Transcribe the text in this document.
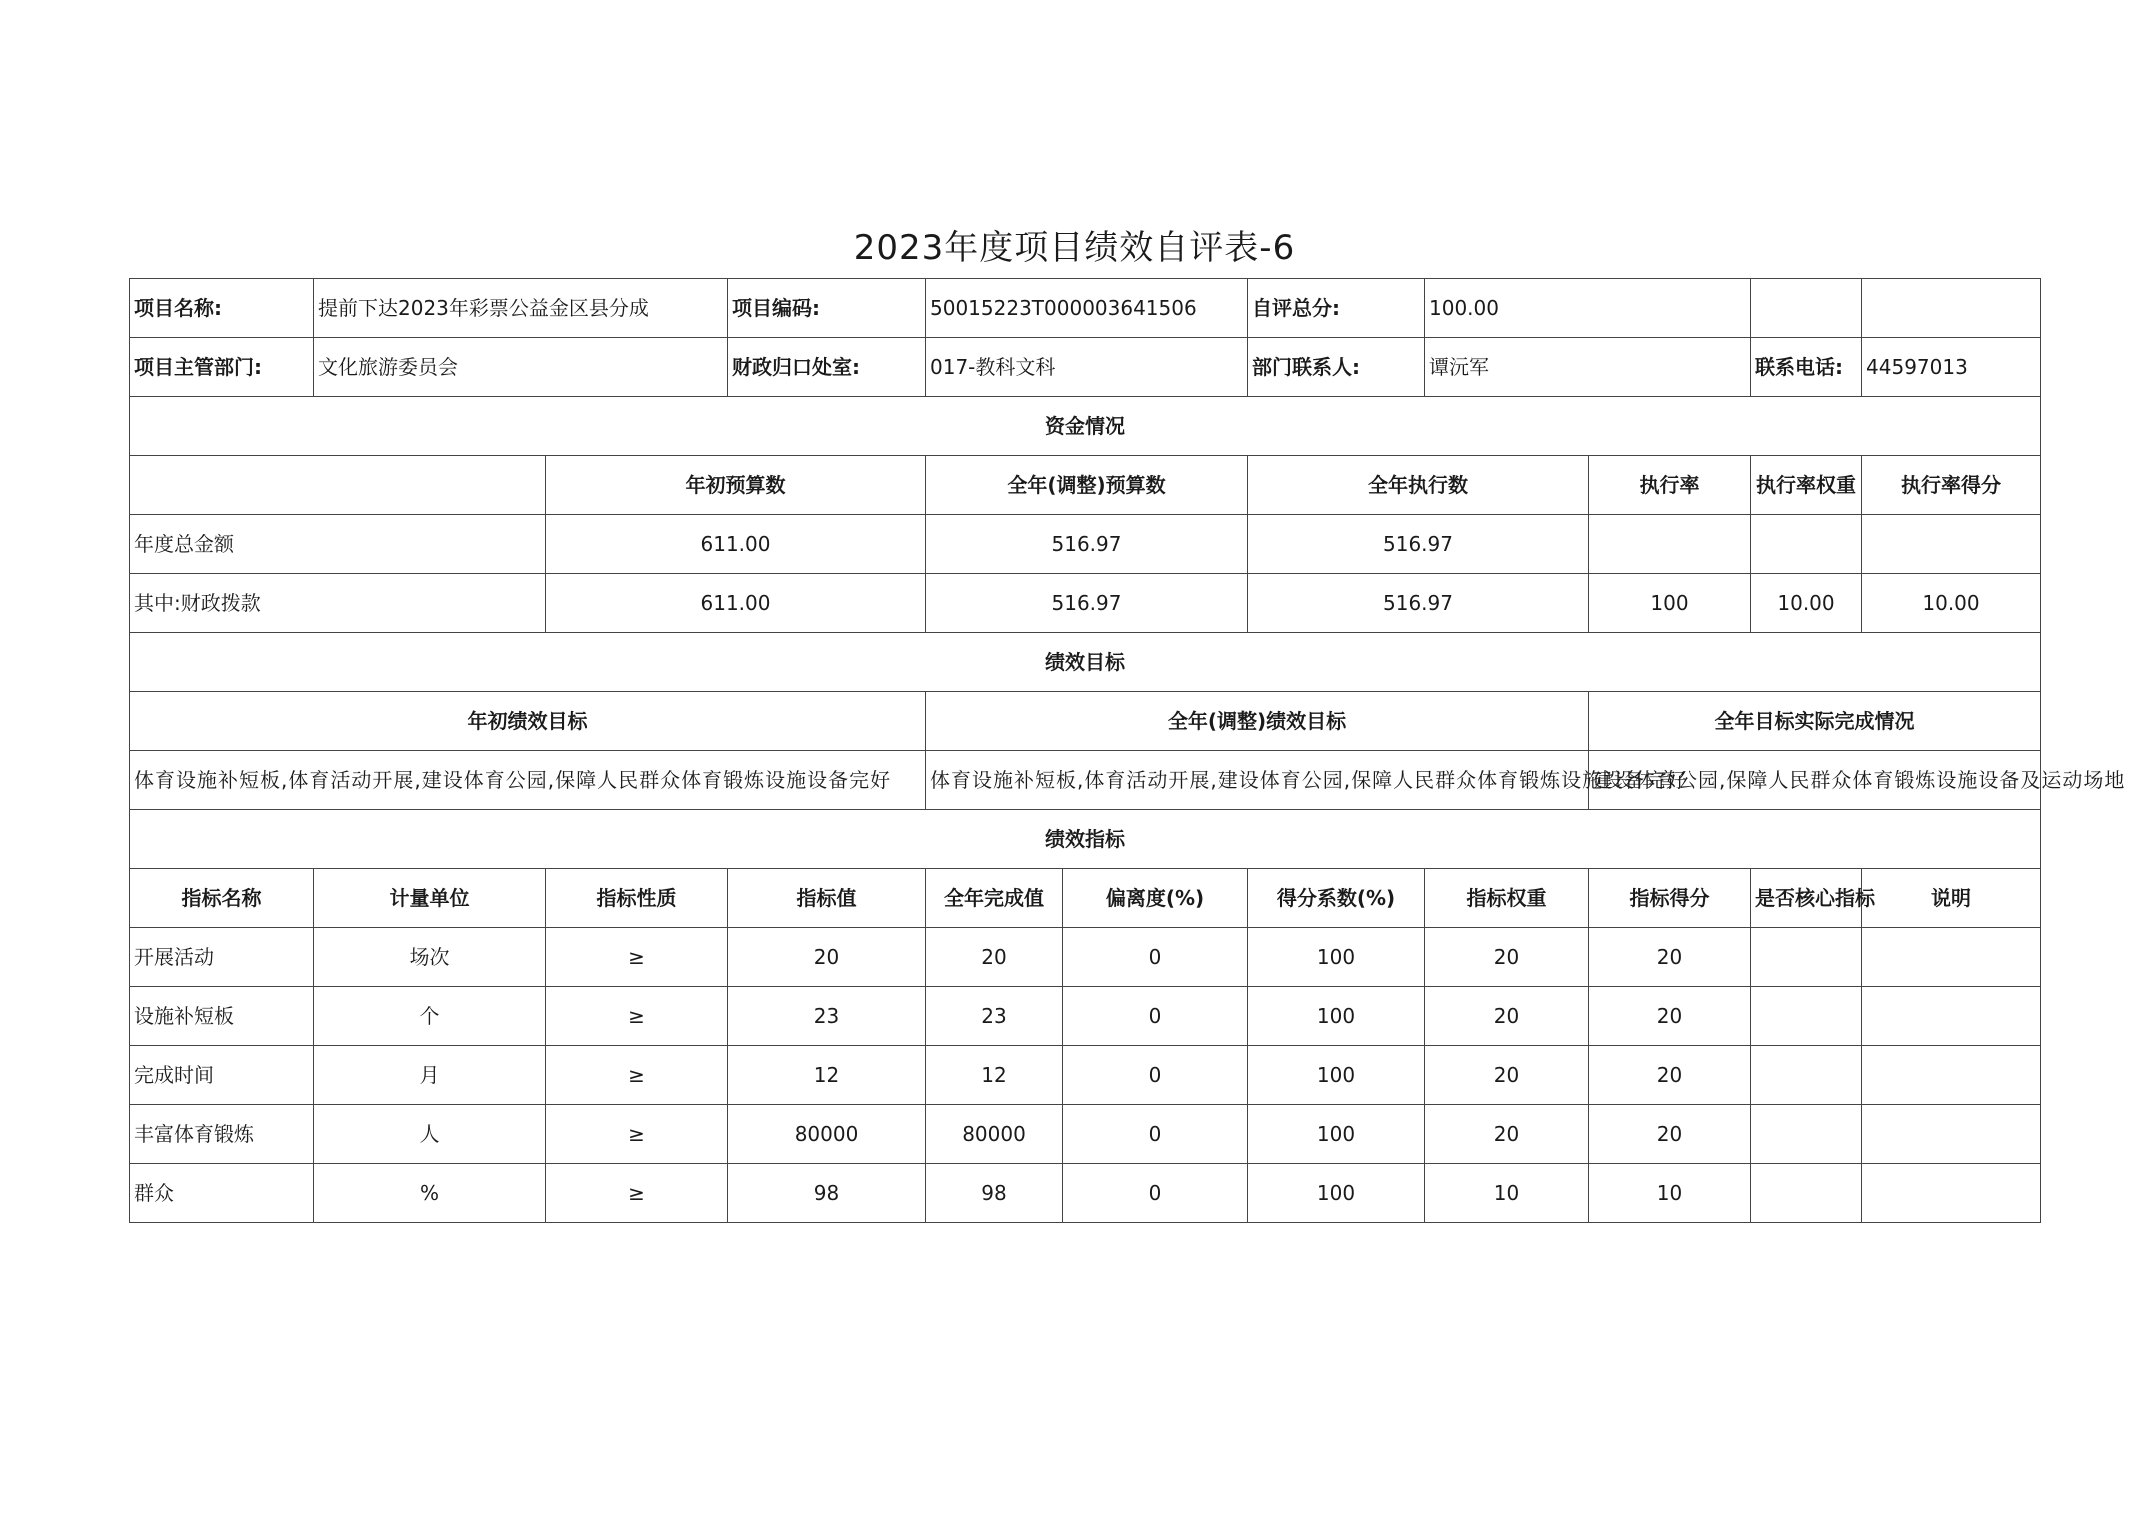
2023年度项目绩效自评表-6
项目名称:	提前下达2023年彩票公益金区县分成		项目编码:	50015223T000003641506		自评总分:	100.00			
项目主管部门:	文化旅游委员会		财政归口处室:	017-教科文科		部门联系人:	谭沅军		联系电话:	44597013
资金情况										
		年初预算数		全年(调整)预算数		全年执行数		执行率	执行率权重	执行率得分
年度总金额		611.00		516.97		516.97				
其中:财政拨款		611.00		516.97		516.97		100	10.00	10.00
绩效目标										
年初绩效目标				全年(调整)绩效目标				全年目标实际完成情况		
体育设施补短板,体育活动开展,建设体育公园,保障人民群众体育锻炼设施设备完好				体育设施补短板,体育活动开展,建设体育公园,保障人民群众体育锻炼设施设备完好				建设体育公园,保障人民群众体育锻炼设施设备及运动场地		
绩效指标										
指标名称	计量单位	指标性质	指标值	全年完成值	偏离度(%)	得分系数(%)	指标权重	指标得分	是否核心指标	说明
开展活动	场次	≥	20	20	0	100	20	20		
设施补短板	个	≥	23	23	0	100	20	20		
完成时间	月	≥	12	12	0	100	20	20		
丰富体育锻炼	人	≥	80000	80000	0	100	20	20		
群众	%	≥	98	98	0	100	10	10		
